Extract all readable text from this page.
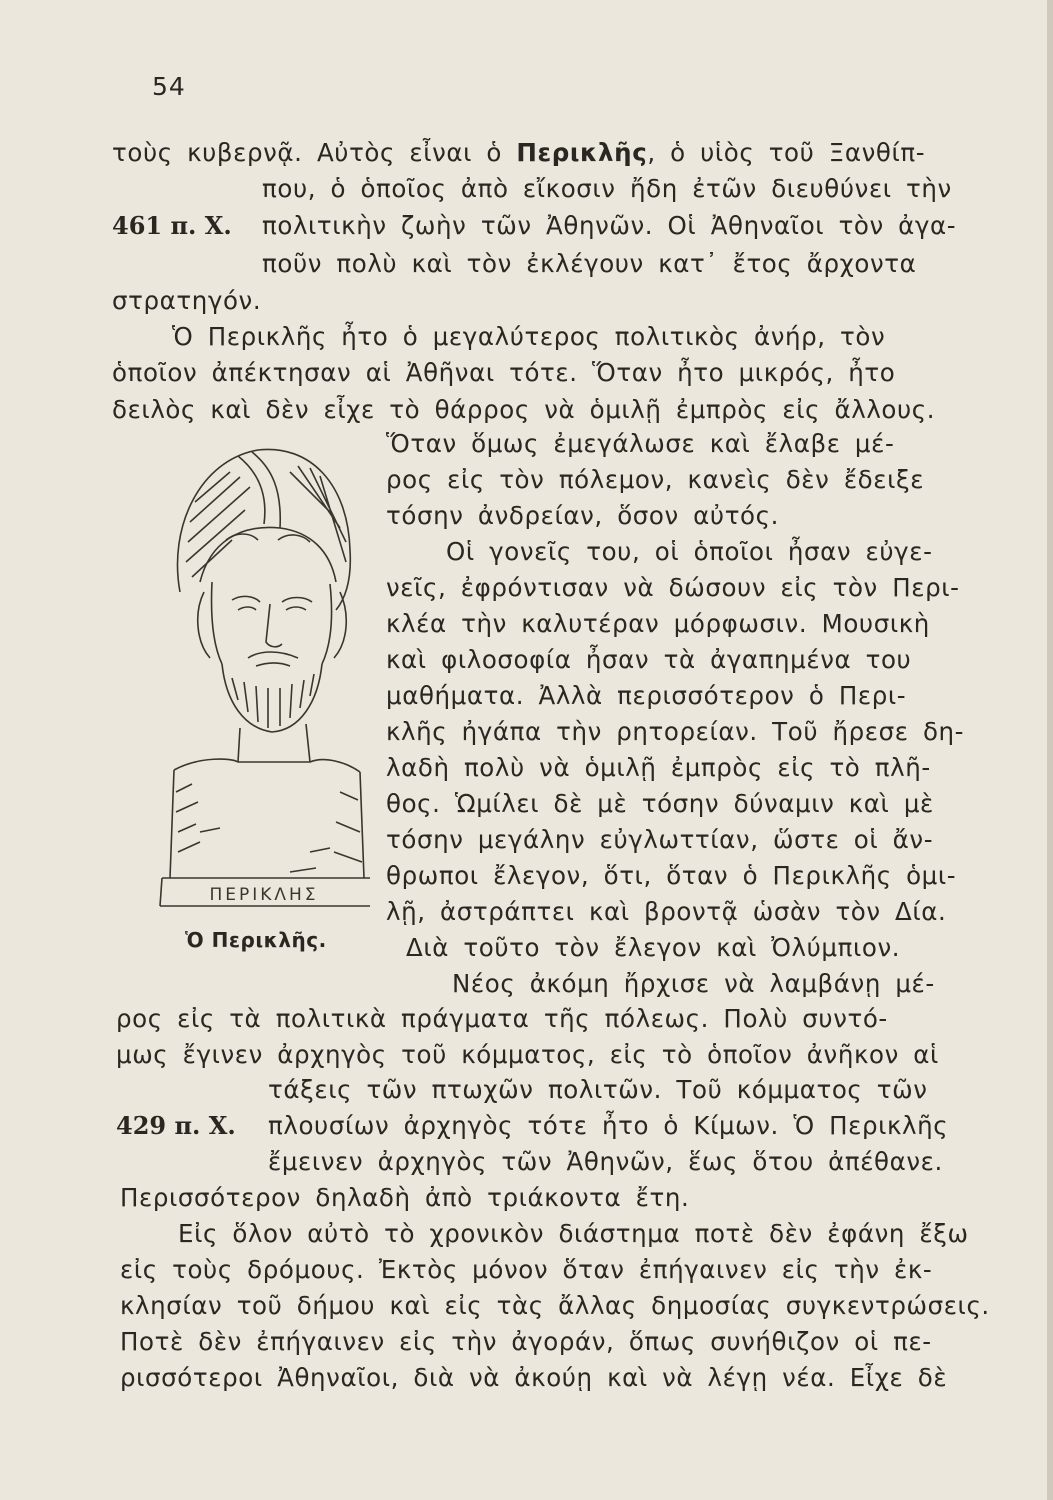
54
τοὺς κυβερνᾷ. Αὐτὸς εἶναι ὁ Περικλῆς, ὁ υἱὸς τοῦ Ξανθίπ-
που, ὁ ὁποῖος ἀπὸ εἴκοσιν ἤδη ἐτῶν διευθύνει τὴν
461 π. Χ. πολιτικὴν ζωὴν τῶν Ἀθηνῶν. Οἱ Ἀθηναῖοι τὸν ἀγα-
ποῦν πολὺ καὶ τὸν ἐκλέγουν κατ᾽ ἔτος ἄρχοντα
στρατηγόν.
Ὁ Περικλῆς ἦτο ὁ μεγαλύτερος πολιτικὸς ἀνήρ, τὸν
ὁποῖον ἀπέκτησαν αἱ Ἀθῆναι τότε. Ὅταν ἦτο μικρός, ἦτο
δειλὸς καὶ δὲν εἶχε τὸ θάρρος νὰ ὁμιλῇ ἐμπρὸς εἰς ἄλλους.
Ὅταν ὅμως ἐμεγάλωσε καὶ ἔλαβε μέ-
ρος εἰς τὸν πόλεμον, κανεὶς δὲν ἔδειξε
τόσην ἀνδρείαν, ὅσον αὐτός.
Οἱ γονεῖς του, οἱ ὁποῖοι ἦσαν εὐγε-
νεῖς, ἐφρόντισαν νὰ δώσουν εἰς τὸν Περι-
κλέα τὴν καλυτέραν μόρφωσιν. Μουσικὴ
καὶ φιλοσοφία ἦσαν τὰ ἀγαπημένα του
μαθήματα. Ἀλλὰ περισσότερον ὁ Περι-
κλῆς ἠγάπα τὴν ρητορείαν. Τοῦ ἤρεσε δη-
λαδὴ πολὺ νὰ ὁμιλῇ ἐμπρὸς εἰς τὸ πλῆ-
θος. Ὡμίλει δὲ μὲ τόσην δύναμιν καὶ μὲ
τόσην μεγάλην εὐγλωττίαν, ὥστε οἱ ἄν-
θρωποι ἔλεγον, ὅτι, ὅταν ὁ Περικλῆς ὁμι-
λῇ, ἀστράπτει καὶ βροντᾷ ὡσὰν τὸν Δία.
Διὰ τοῦτο τὸν ἔλεγον καὶ Ὀλύμπιον.
Νέος ἀκόμη ἤρχισε νὰ λαμβάνῃ μέ-
ρος εἰς τὰ πολιτικὰ πράγματα τῆς πόλεως. Πολὺ συντό-
μως ἔγινεν ἀρχηγὸς τοῦ κόμματος, εἰς τὸ ὁποῖον ἀνῆκον αἱ
τάξεις τῶν πτωχῶν πολιτῶν. Τοῦ κόμματος τῶν
429 π. Χ. πλουσίων ἀρχηγὸς τότε ἦτο ὁ Κίμων. Ὁ Περικλῆς
ἔμεινεν ἀρχηγὸς τῶν Ἀθηνῶν, ἕως ὅτου ἀπέθανε.
Περισσότερον δηλαδὴ ἀπὸ τριάκοντα ἔτη.
Εἰς ὅλον αὐτὸ τὸ χρονικὸν διάστημα ποτὲ δὲν ἐφάνη ἔξω
εἰς τοὺς δρόμους. Ἐκτὸς μόνον ὅταν ἐπήγαινεν εἰς τὴν ἐκ-
κλησίαν τοῦ δήμου καὶ εἰς τὰς ἄλλας δημοσίας συγκεντρώσεις.
Ποτὲ δὲν ἐπήγαινεν εἰς τὴν ἀγοράν, ὅπως συνήθιζον οἱ πε-
ρισσότεροι Ἀθηναῖοι, διὰ νὰ ἀκούῃ καὶ νὰ λέγῃ νέα. Εἶχε δὲ
ΠΕΡΙΚΛΗΣ
Ὁ Περικλῆς.
